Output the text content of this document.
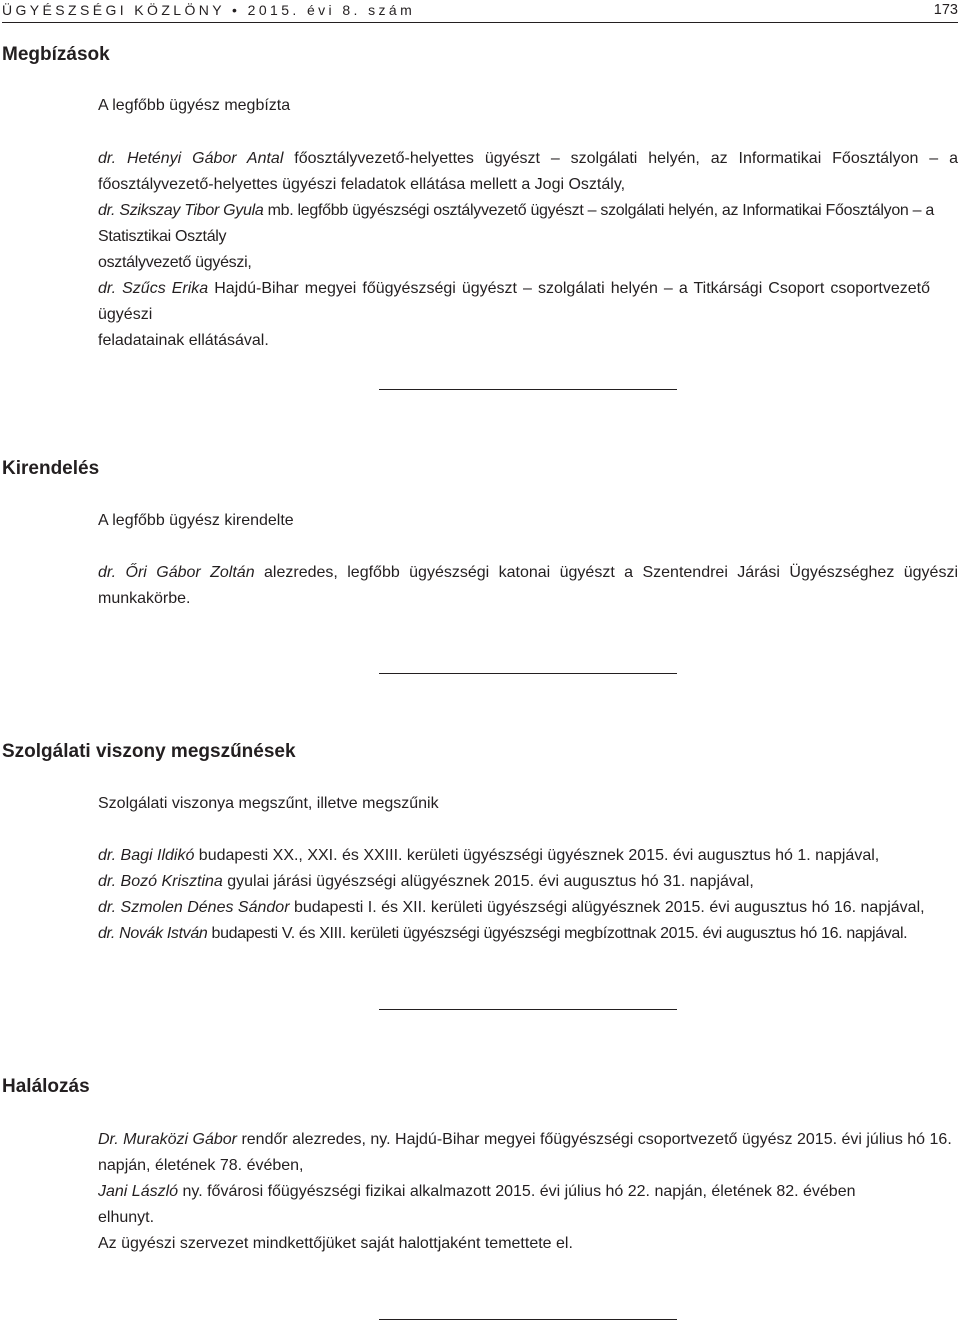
ÜGYÉSZSÉGI KÖZLÖNY • 2015. évi 8. szám	173
Megbízások
A legfőbb ügyész megbízta
dr. Hetényi Gábor Antal főosztályvezető-helyettes ügyészt – szolgálati helyén, az Informatikai Főosztályon – a főosztályvezető-helyettes ügyészi feladatok ellátása mellett a Jogi Osztály,
dr. Szikszay Tibor Gyula mb. legfőbb ügyészségi osztályvezető ügyészt – szolgálati helyén, az Informatikai Főosztályon – a Statisztikai Osztály
osztályvezető ügyészi,
dr. Szűcs Erika Hajdú-Bihar megyei főügyészségi ügyészt – szolgálati helyén – a Titkársági Csoport csoportvezető ügyészi
feladatainak ellátásával.
Kirendelés
A legfőbb ügyész kirendelte
dr. Őri Gábor Zoltán alezredes, legfőbb ügyészségi katonai ügyészt a Szentendrei Járási Ügyészséghez ügyészi munkakörbe.
Szolgálati viszony megszűnések
Szolgálati viszonya megszűnt, illetve megszűnik
dr. Bagi Ildikó budapesti XX., XXI. és XXIII. kerületi ügyészségi ügyésznek 2015. évi augusztus hó 1. napjával,
dr. Bozó Krisztina gyulai járási ügyészségi alügyésznek 2015. évi augusztus hó 31. napjával,
dr. Szmolen Dénes Sándor budapesti I. és XII. kerületi ügyészségi alügyésznek 2015. évi augusztus hó 16. napjával,
dr. Novák István budapesti V. és XIII. kerületi ügyészségi ügyészségi megbízottnak 2015. évi augusztus hó 16. napjával.
Halálozás
Dr. Muraközi Gábor rendőr alezredes, ny. Hajdú-Bihar megyei főügyészségi csoportvezető ügyész 2015. évi július hó 16. napján, életének 78. évében,
Jani László ny. fővárosi főügyészségi fizikai alkalmazott 2015. évi július hó 22. napján, életének 82. évében elhunyt.
Az ügyészi szervezet mindkettőjüket saját halottjaként temettete el.
